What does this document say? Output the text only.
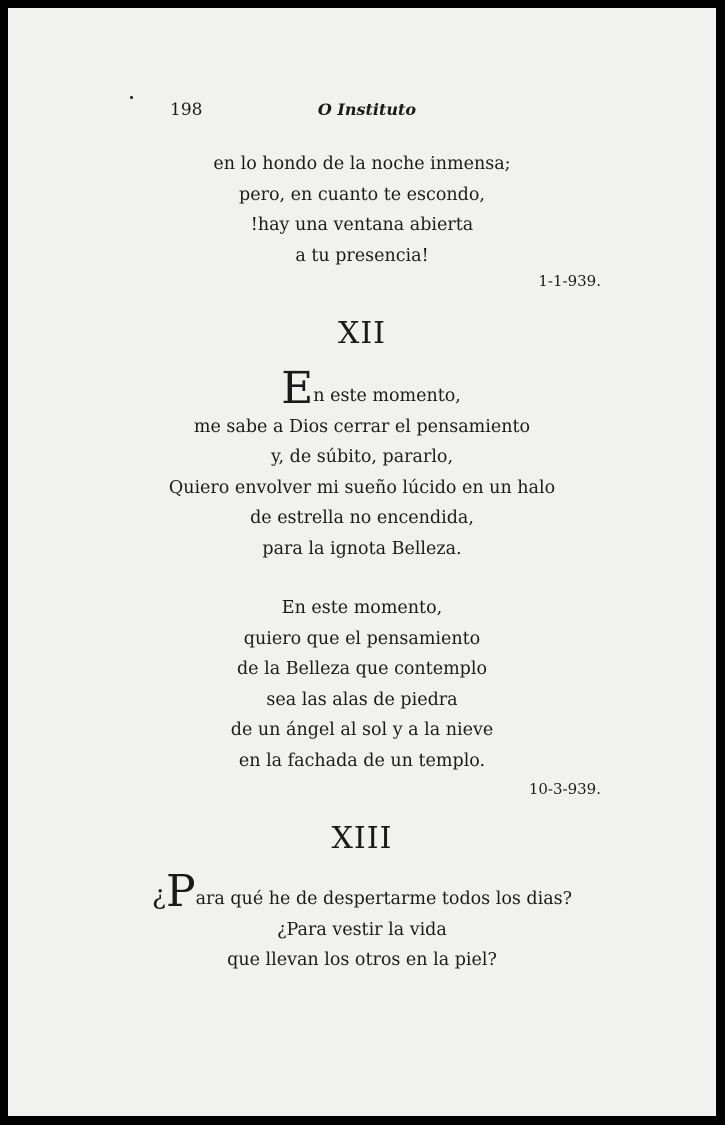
198	O Instituto
en lo hondo de la noche inmensa;
pero, en cuanto te escondo,
!hay una ventana abierta
a tu presencia!
1-1-939.
XII
En este momento,
me sabe a Dios cerrar el pensamiento
y, de súbito, pararlo,
Quiero envolver mi sueño lúcido en un halo
de estrella no encendida,
para la ignota Belleza.
En este momento,
quiero que el pensamiento
de la Belleza que contemplo
sea las alas de piedra
de un ángel al sol y a la nieve
en la fachada de un templo.
10-3-939.
XIII
¿Para qué he de despertarme todos los dias?
¿Para vestir la vida
que llevan los otros en la piel?
